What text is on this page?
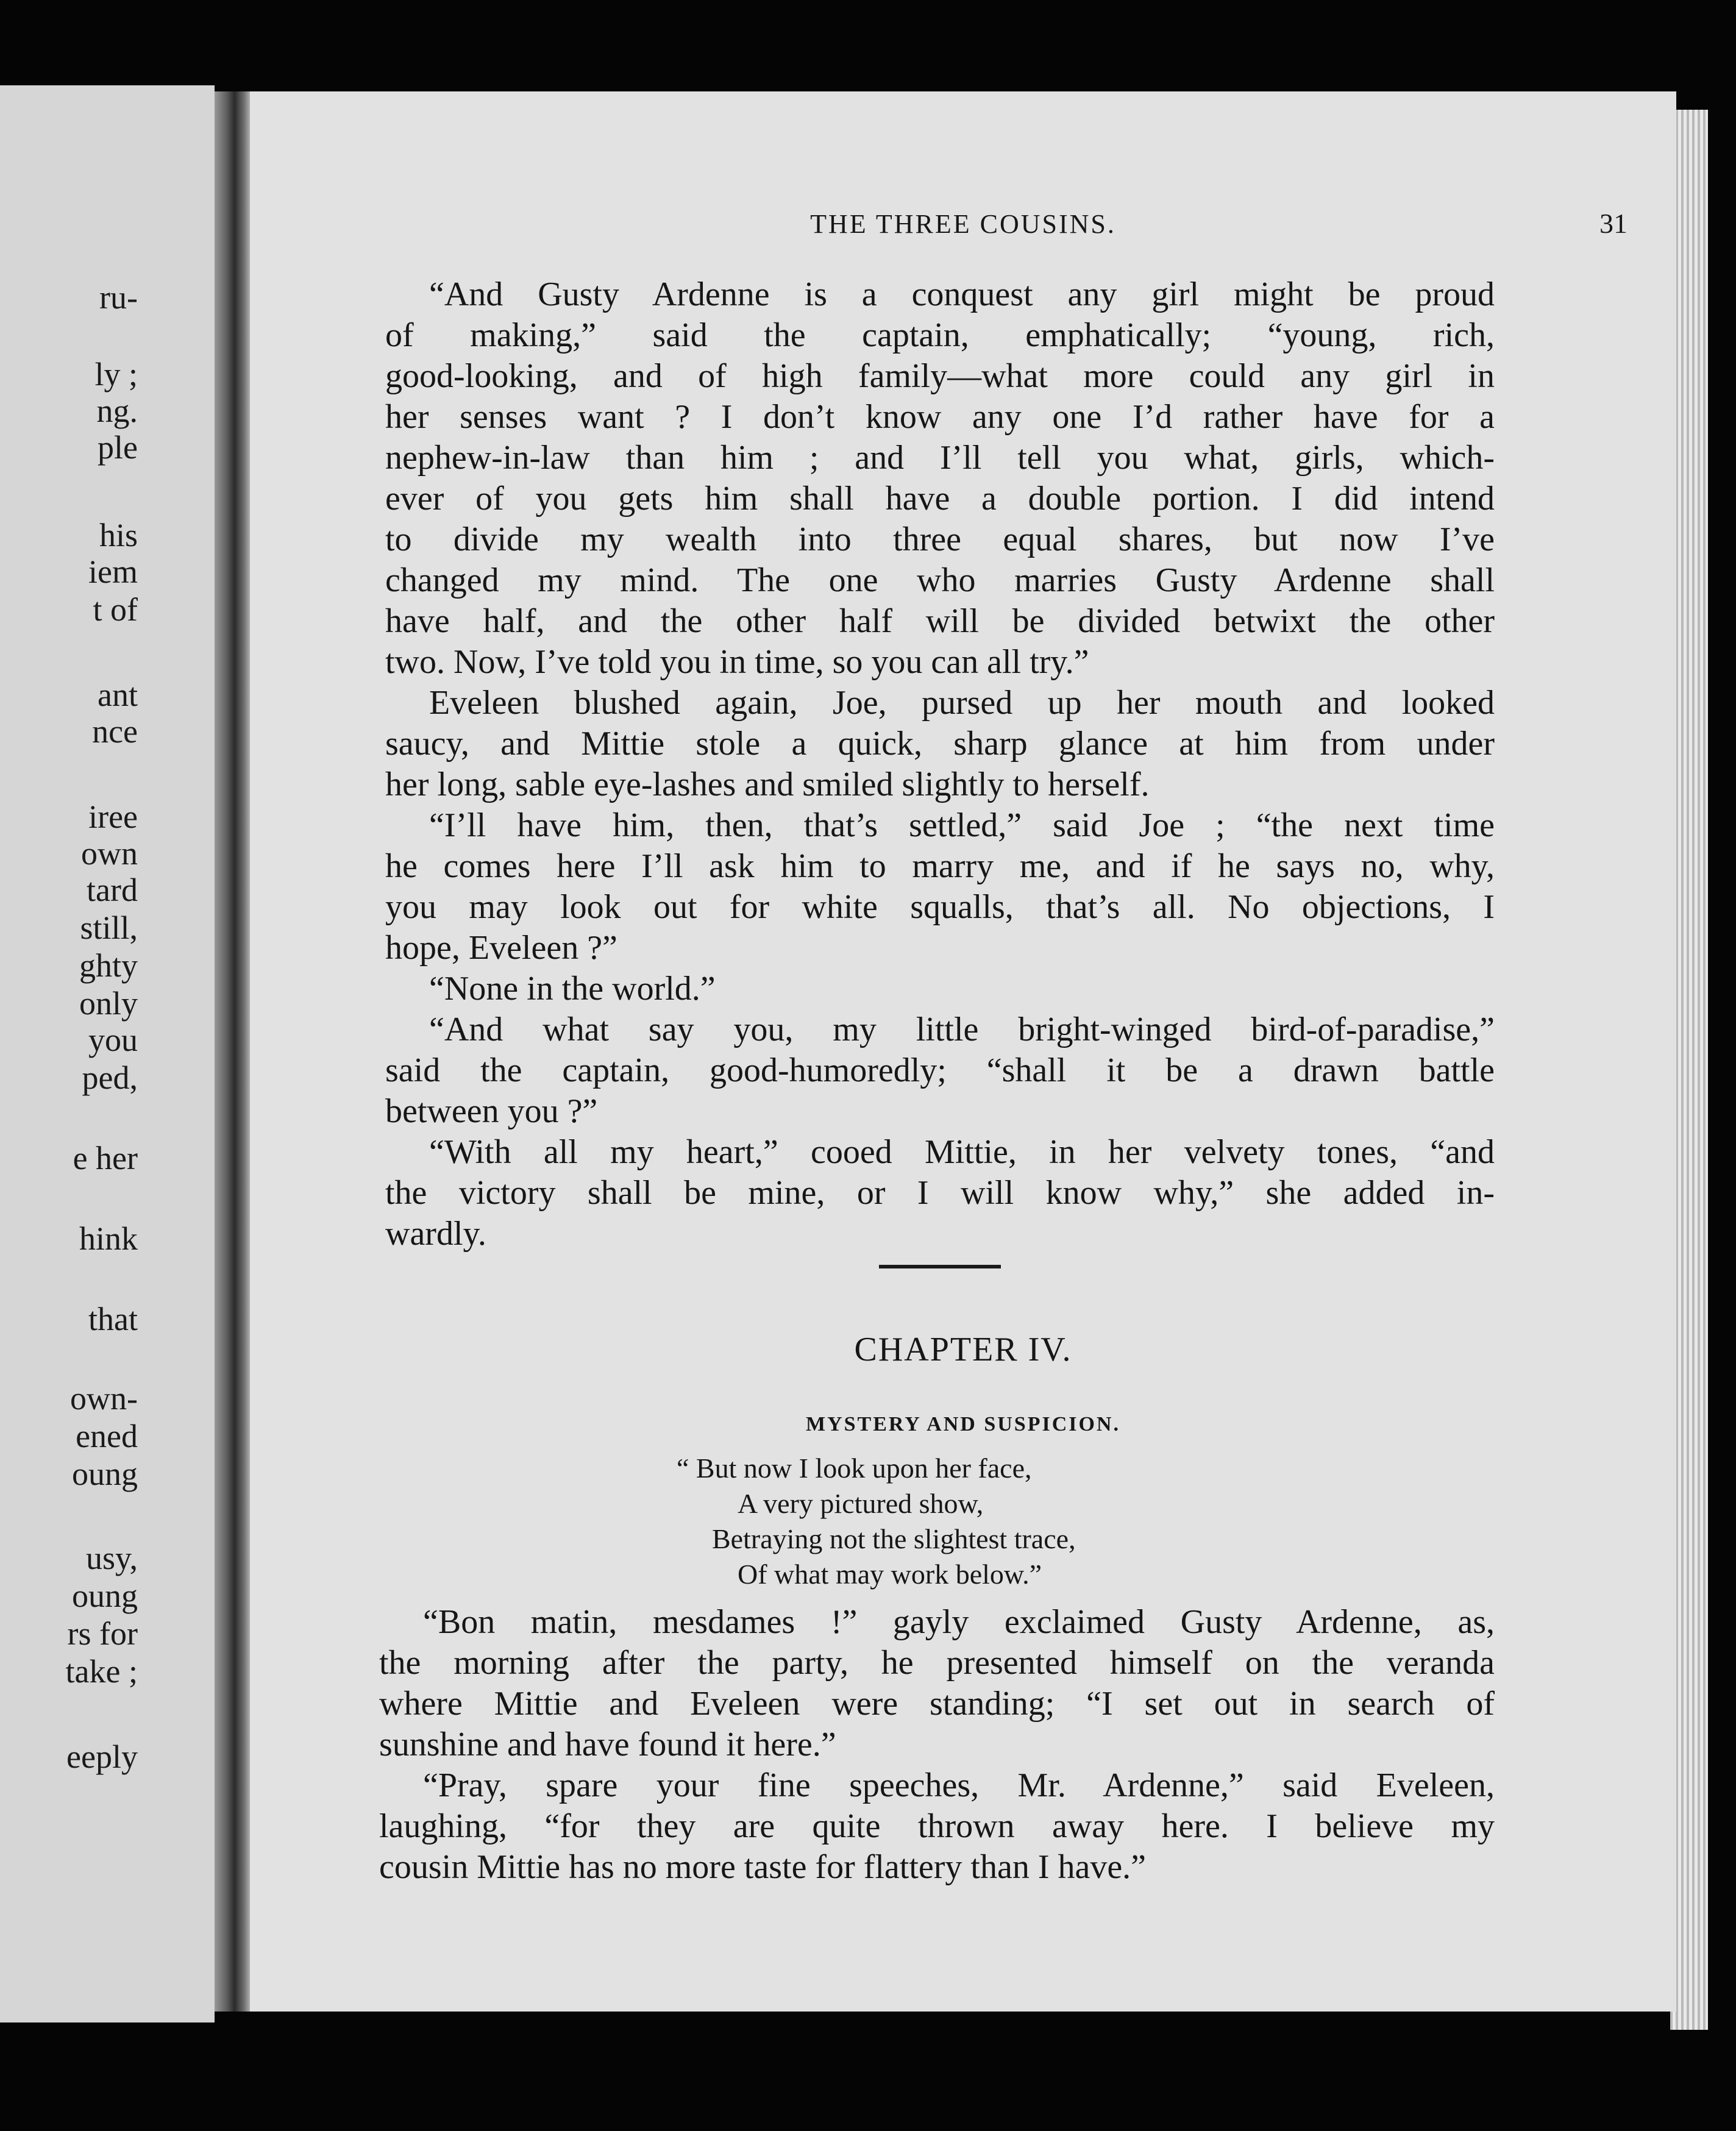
ru-
ly ;
ng.
ple
his
iem
t of
ant
nce
iree
own
tard
still,
ghty
only
you
ped,
e her
hink
that
own-
ened
oung
usy,
oung
rs for
take ;
eeply
THE THREE COUSINS.	31
“And Gusty Ardenne is a conquest any girl might be proud
of making,” said the captain, emphatically; “young, rich,
good-looking, and of high family—what more could any girl in
her senses want ? I don’t know any one I’d rather have for a
nephew-in-law than him ; and I’ll tell you what, girls, which-
ever of you gets him shall have a double portion. I did intend
to divide my wealth into three equal shares, but now I’ve
changed my mind. The one who marries Gusty Ardenne shall
have half, and the other half will be divided betwixt the other
two. Now, I’ve told you in time, so you can all try.”
Eveleen blushed again, Joe, pursed up her mouth and looked
saucy, and Mittie stole a quick, sharp glance at him from under
her long, sable eye-lashes and smiled slightly to herself.
“I’ll have him, then, that’s settled,” said Joe ; “the next time
he comes here I’ll ask him to marry me, and if he says no, why,
you may look out for white squalls, that’s all. No objections, I
hope, Eveleen ?”
“None in the world.”
“And what say you, my little bright-winged bird-of-paradise,”
said the captain, good-humoredly; “shall it be a drawn battle
between you ?”
“With all my heart,” cooed Mittie, in her velvety tones, “and
the victory shall be mine, or I will know why,” she added in-
wardly.
CHAPTER IV.
MYSTERY AND SUSPICION.
“ But now I look upon her face,
A very pictured show,
Betraying not the slightest trace,
Of what may work below.”
“Bon matin, mesdames !” gayly exclaimed Gusty Ardenne, as,
the morning after the party, he presented himself on the veranda
where Mittie and Eveleen were standing; “I set out in search of
sunshine and have found it here.”
“Pray, spare your fine speeches, Mr. Ardenne,” said Eveleen,
laughing, “for they are quite thrown away here. I believe my
cousin Mittie has no more taste for flattery than I have.”
